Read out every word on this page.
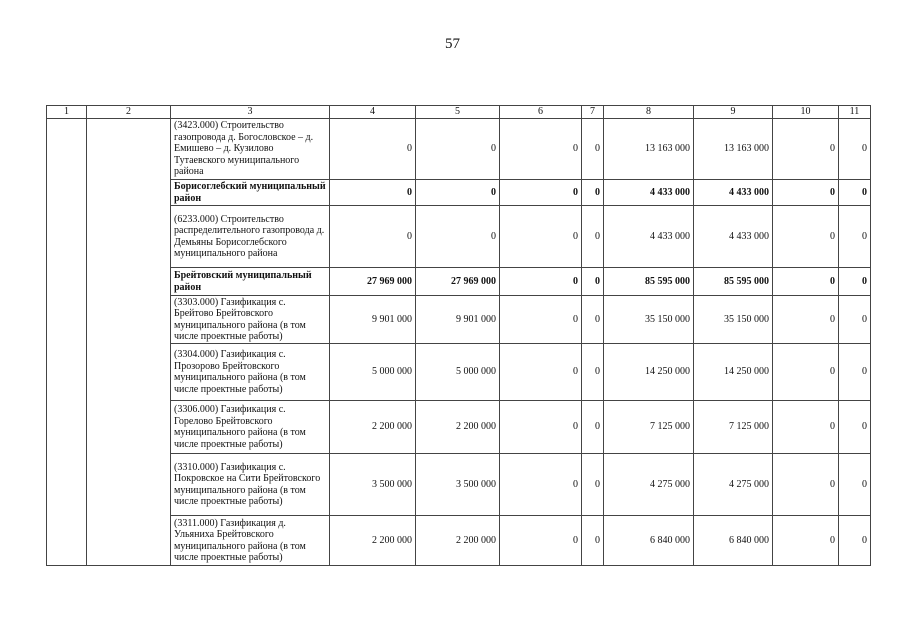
57
1	2	3	4	5	6	7	8	9	10	11
		(3423.000) Строительство газопровода д. Богословское – д. Емишево – д. Кузилово Тутаевского муниципального района	0	0	0	0	13 163 000	13 163 000	0	0
		Борисоглебский муниципальный район	0	0	0	0	4 433 000	4 433 000	0	0
		(6233.000) Строительство распределительного газопровода д. Демьяны Борисоглебского муниципального района	0	0	0	0	4 433 000	4 433 000	0	0
		Брейтовский муниципальный район	27 969 000	27 969 000	0	0	85 595 000	85 595 000	0	0
		(3303.000) Газификация с. Брейтово Брейтовского муниципального района (в том числе проектные работы)	9 901 000	9 901 000	0	0	35 150 000	35 150 000	0	0
		(3304.000) Газификация с. Прозорово Брейтовского муниципального района (в том числе проектные работы)	5 000 000	5 000 000	0	0	14 250 000	14 250 000	0	0
		(3306.000) Газификация с. Горелово Брейтовского муниципального района (в том числе проектные работы)	2 200 000	2 200 000	0	0	7 125 000	7 125 000	0	0
		(3310.000) Газификация с. Покровское на Сити Брейтовского муниципального района (в том числе проектные работы)	3 500 000	3 500 000	0	0	4 275 000	4 275 000	0	0
		(3311.000) Газификация д. Ульяниха Брейтовского муниципального района (в том числе проектные работы)	2 200 000	2 200 000	0	0	6 840 000	6 840 000	0	0
